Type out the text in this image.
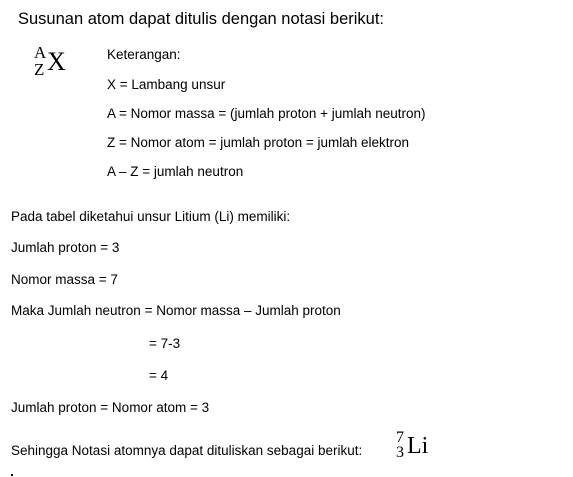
Susunan atom dapat ditulis dengan notasi berikut:
A
Z X	Keterangan:
X = Lambang unsur
A = Nomor massa = (jumlah proton + jumlah neutron)
Z = Nomor atom = jumlah proton = jumlah elektron
A – Z = jumlah neutron
Pada tabel diketahui unsur Litium (Li) memiliki:
Jumlah proton = 3
Nomor massa = 7
Maka Jumlah neutron = Nomor massa – Jumlah proton
= 7-3
= 4
Jumlah proton = Nomor atom = 3
Sehingga Notasi atomnya dapat dituliskan sebagai berikut:
7
3 Li
